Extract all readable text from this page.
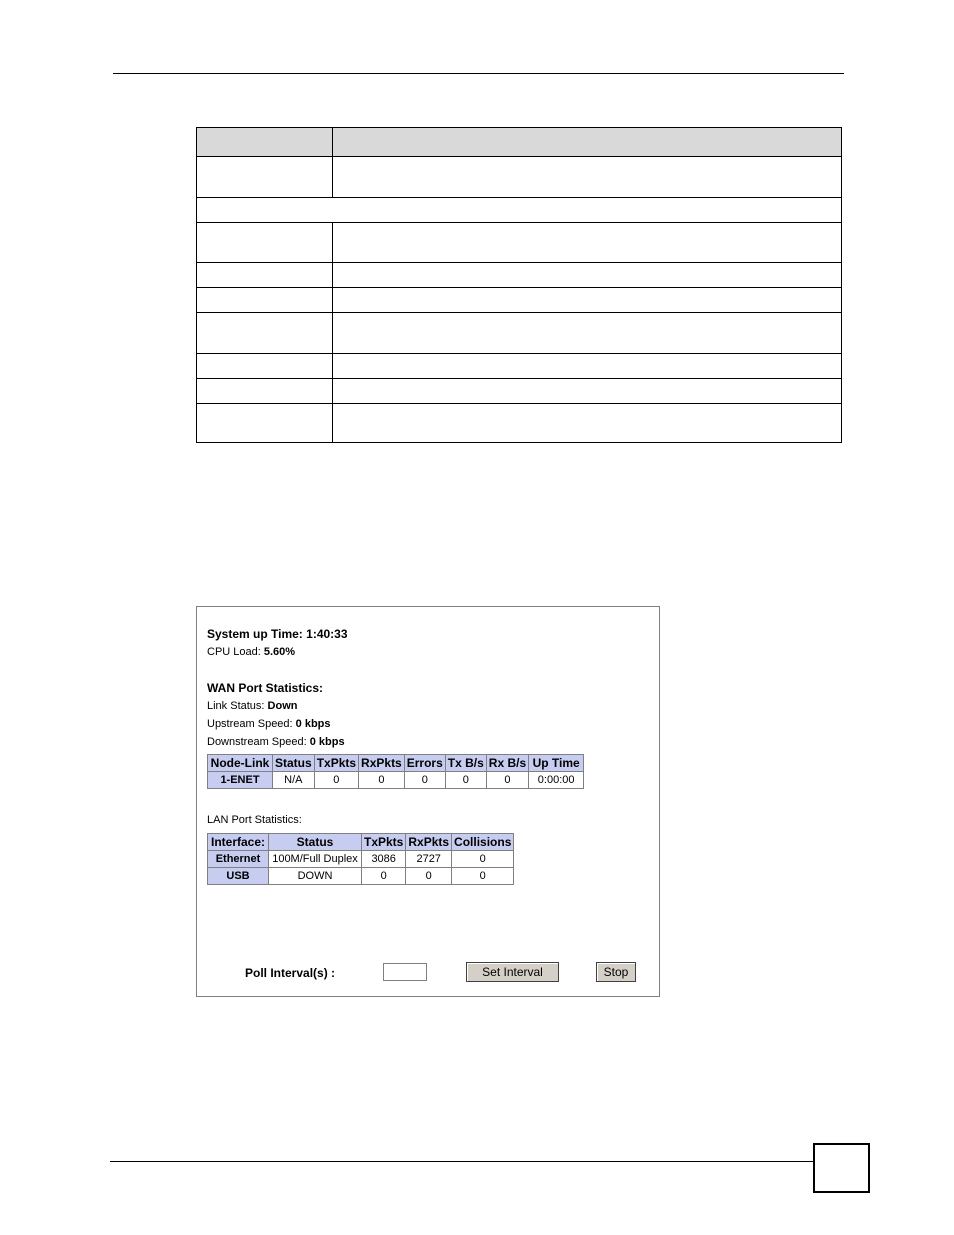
System up Time: 1:40:33
CPU Load: 5.60%
WAN Port Statistics:
Link Status: Down
Upstream Speed: 0 kbps
Downstream Speed: 0 kbps
Node-Link	Status	TxPkts	RxPkts	Errors	Tx B/s	Rx B/s	Up Time
1-ENET	N/A	0	0	0	0	0	0:00:00
LAN Port Statistics:
Interface:	Status	TxPkts	RxPkts	Collisions
Ethernet	100M/Full Duplex	3086	2727	0
USB	DOWN	0	0	0
Poll Interval(s) :	Set Interval	Stop
